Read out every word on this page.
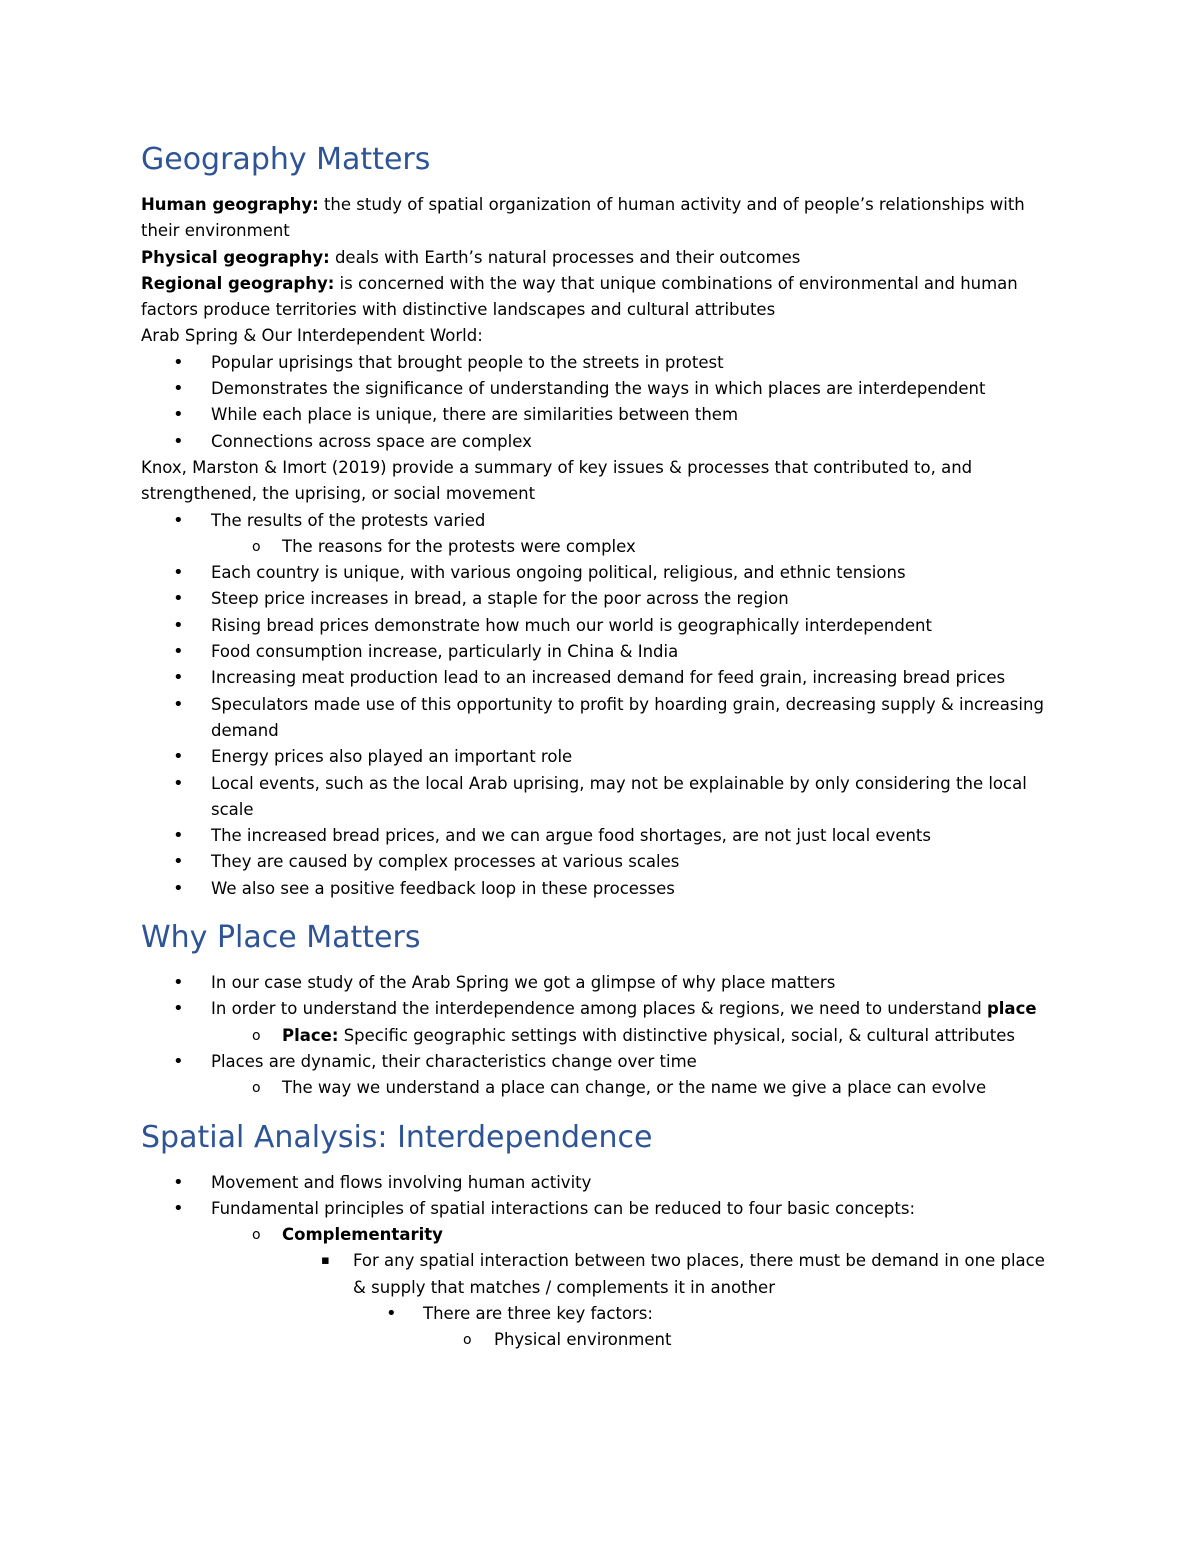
Geography Matters

Human geography: the study of spatial organization of human activity and of people’s relationships with their environment

Physical geography: deals with Earth’s natural processes and their outcomes

Regional geography: is concerned with the way that unique combinations of environmental and human factors produce territories with distinctive landscapes and cultural attributes

Arab Spring & Our Interdependent World:

• Popular uprisings that brought people to the streets in protest
• Demonstrates the significance of understanding the ways in which places are interdependent
• While each place is unique, there are similarities between them
• Connections across space are complex

Knox, Marston & Imort (2019) provide a summary of key issues & processes that contributed to, and strengthened, the uprising, or social movement

• The results of the protests varied
o The reasons for the protests were complex
• Each country is unique, with various ongoing political, religious, and ethnic tensions
• Steep price increases in bread, a staple for the poor across the region
• Rising bread prices demonstrate how much our world is geographically interdependent
• Food consumption increase, particularly in China & India
• Increasing meat production lead to an increased demand for feed grain, increasing bread prices
• Speculators made use of this opportunity to profit by hoarding grain, decreasing supply & increasing demand
• Energy prices also played an important role
• Local events, such as the local Arab uprising, may not be explainable by only considering the local scale
• The increased bread prices, and we can argue food shortages, are not just local events
• They are caused by complex processes at various scales
• We also see a positive feedback loop in these processes
Why Place Matters
• In our case study of the Arab Spring we got a glimpse of why place matters
• In order to understand the interdependence among places & regions, we need to understand place
o Place: Specific geographic settings with distinctive physical, social, & cultural attributes
• Places are dynamic, their characteristics change over time
o The way we understand a place can change, or the name we give a place can evolve
Spatial Analysis: Interdependence
• Movement and flows involving human activity
• Fundamental principles of spatial interactions can be reduced to four basic concepts:
o Complementarity
▪ For any spatial interaction between two places, there must be demand in one place & supply that matches / complements it in another
• There are three key factors:
o Physical environment
